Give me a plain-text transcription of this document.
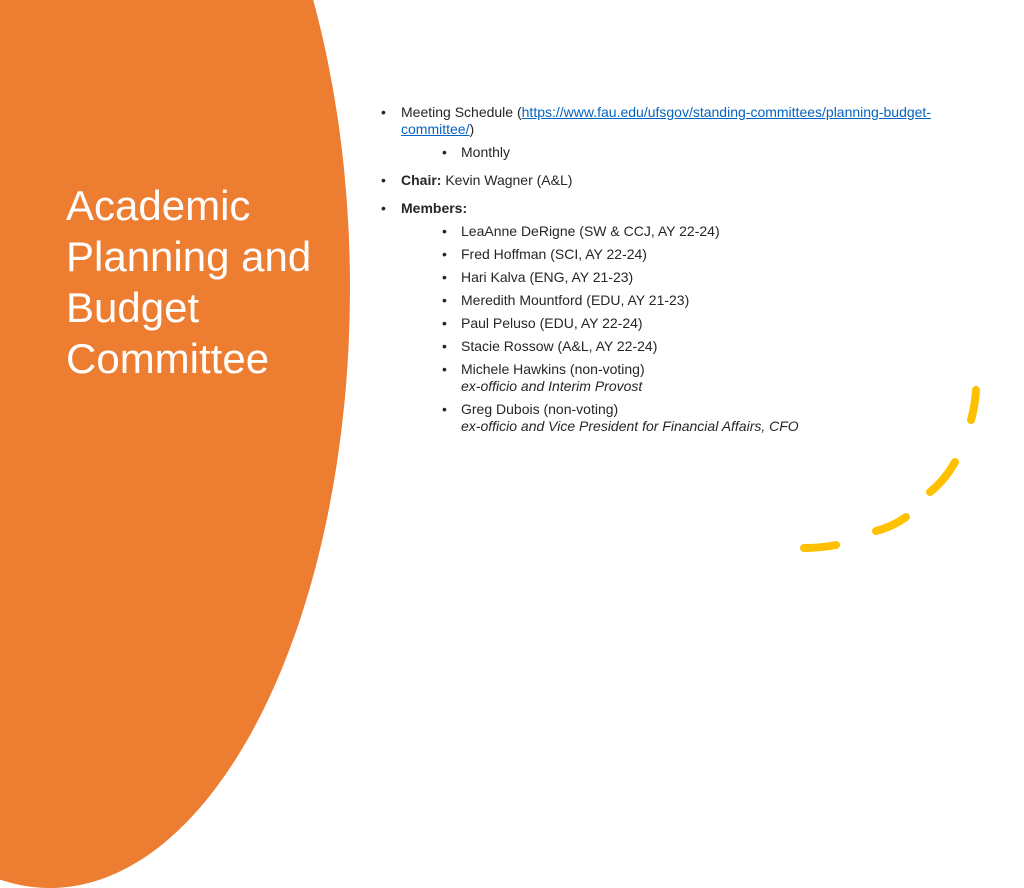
Academic Planning and Budget Committee
• Meeting Schedule (https://www.fau.edu/ufsgov/standing-committees/planning-budget-committee/)
• Monthly
• Chair: Kevin Wagner (A&L)
• Members:
• LeaAnne DeRigne (SW & CCJ, AY 22-24)
• Fred Hoffman (SCI, AY 22-24)
• Hari Kalva (ENG, AY 21-23)
• Meredith Mountford (EDU, AY 21-23)
• Paul Peluso (EDU, AY 22-24)
• Stacie Rossow (A&L, AY 22-24)
• Michele Hawkins (non-voting)
ex-officio and Interim Provost
• Greg Dubois (non-voting)
ex-officio and Vice President for Financial Affairs, CFO
